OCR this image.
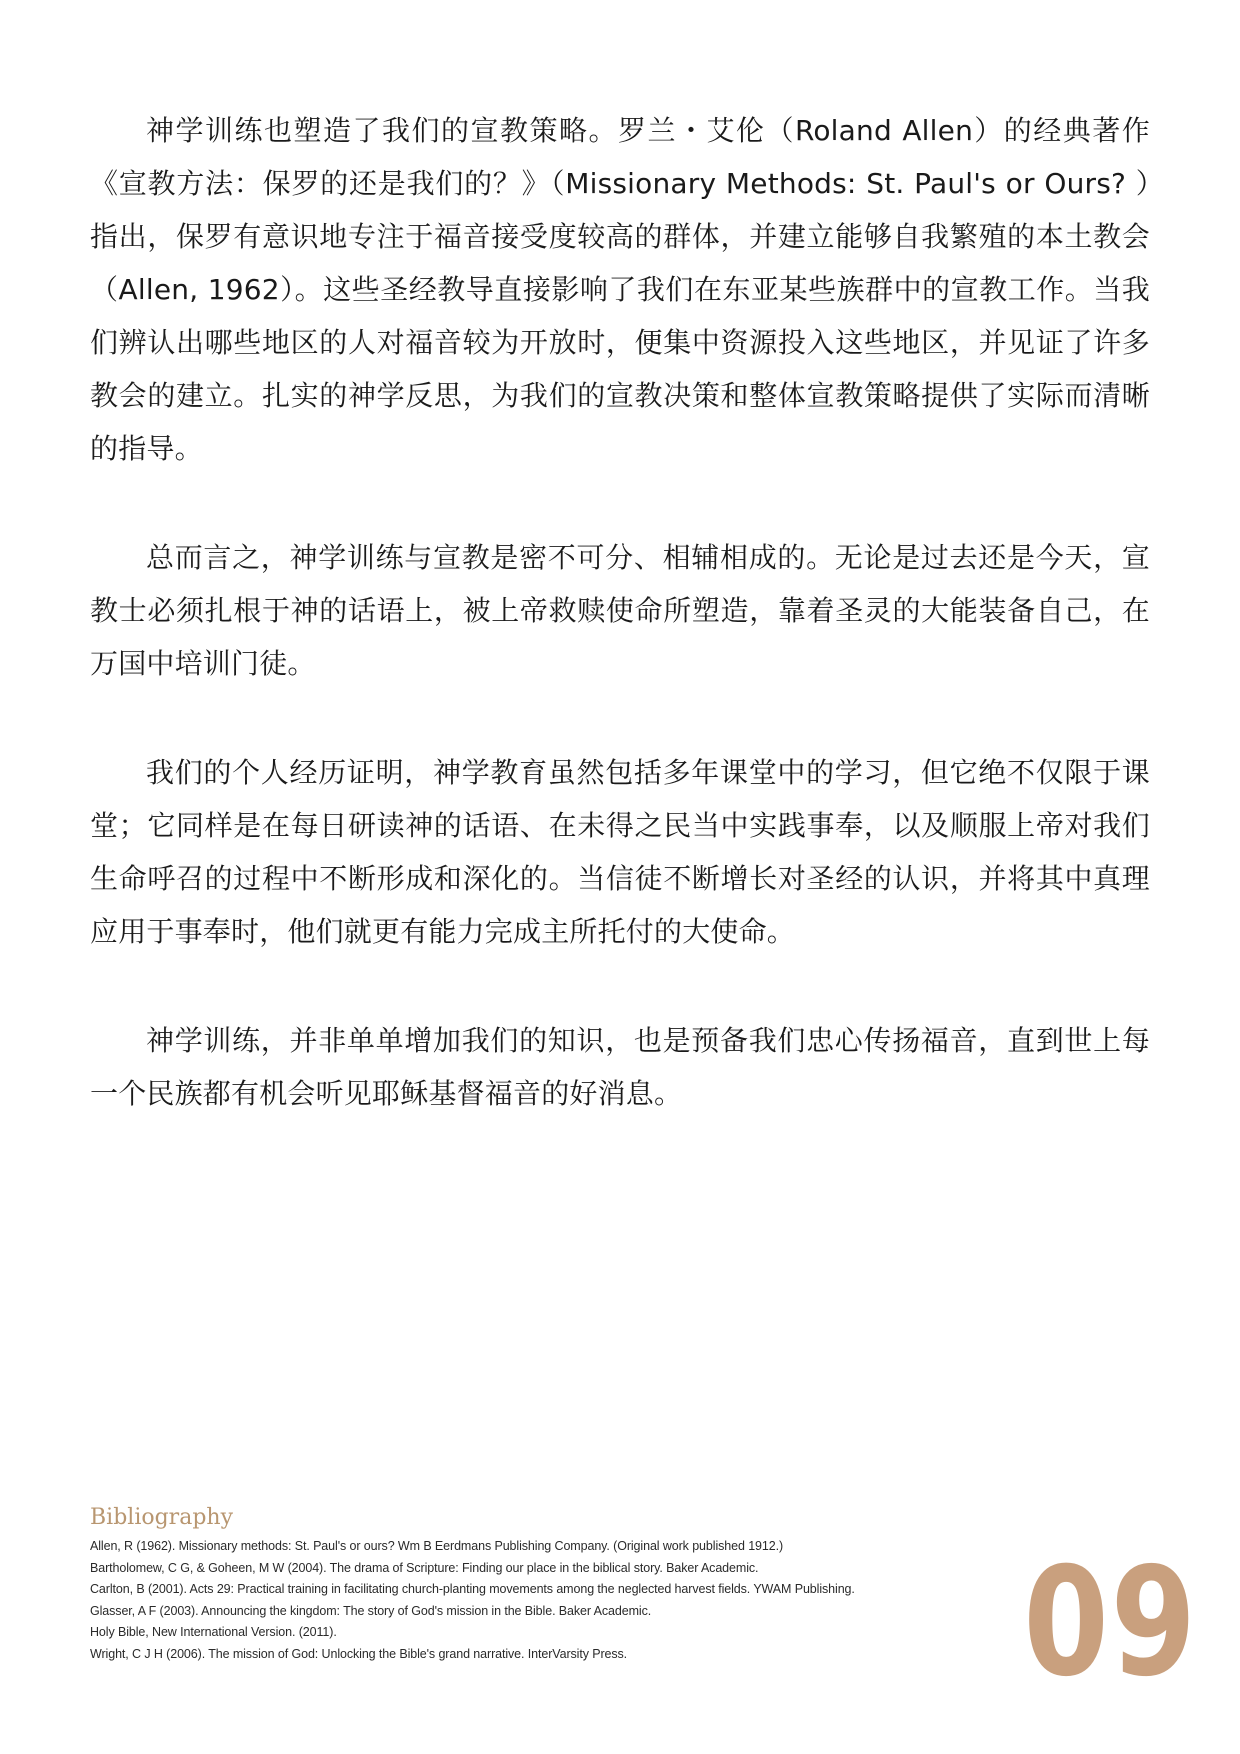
神学训练也塑造了我们的宣教策略。罗兰・艾伦（Roland Allen）的经典著作《宣教方法：保罗的还是我们的？》（Missionary Methods: St. Paul's or Ours? ）指出，保罗有意识地专注于福音接受度较高的群体，并建立能够自我繁殖的本土教会（Allen, 1962）。这些圣经教导直接影响了我们在东亚某些族群中的宣教工作。当我们辨认出哪些地区的人对福音较为开放时，便集中资源投入这些地区，并见证了许多教会的建立。扎实的神学反思，为我们的宣教决策和整体宣教策略提供了实际而清晰的指导。

总而言之，神学训练与宣教是密不可分、相辅相成的。无论是过去还是今天，宣教士必须扎根于神的话语上，被上帝救赎使命所塑造，靠着圣灵的大能装备自己，在万国中培训门徒。

我们的个人经历证明，神学教育虽然包括多年课堂中的学习，但它绝不仅限于课堂；它同样是在每日研读神的话语、在未得之民当中实践事奉，以及顺服上帝对我们生命呼召的过程中不断形成和深化的。当信徒不断增长对圣经的认识，并将其中真理应用于事奉时，他们就更有能力完成主所托付的大使命。

神学训练，并非单单增加我们的知识，也是预备我们忠心传扬福音，直到世上每一个民族都有机会听见耶稣基督福音的好消息。

Bibliography
Allen, R (1962). Missionary methods: St. Paul's or ours? Wm B Eerdmans Publishing Company. (Original work published 1912.)
Bartholomew, C G, & Goheen, M W (2004). The drama of Scripture: Finding our place in the biblical story. Baker Academic.
Carlton, B (2001). Acts 29: Practical training in facilitating church-planting movements among the neglected harvest fields. YWAM Publishing.
Glasser, A F (2003). Announcing the kingdom: The story of God's mission in the Bible. Baker Academic.
Holy Bible, New International Version. (2011).
Wright, C J H (2006). The mission of God: Unlocking the Bible's grand narrative. InterVarsity Press.	09
